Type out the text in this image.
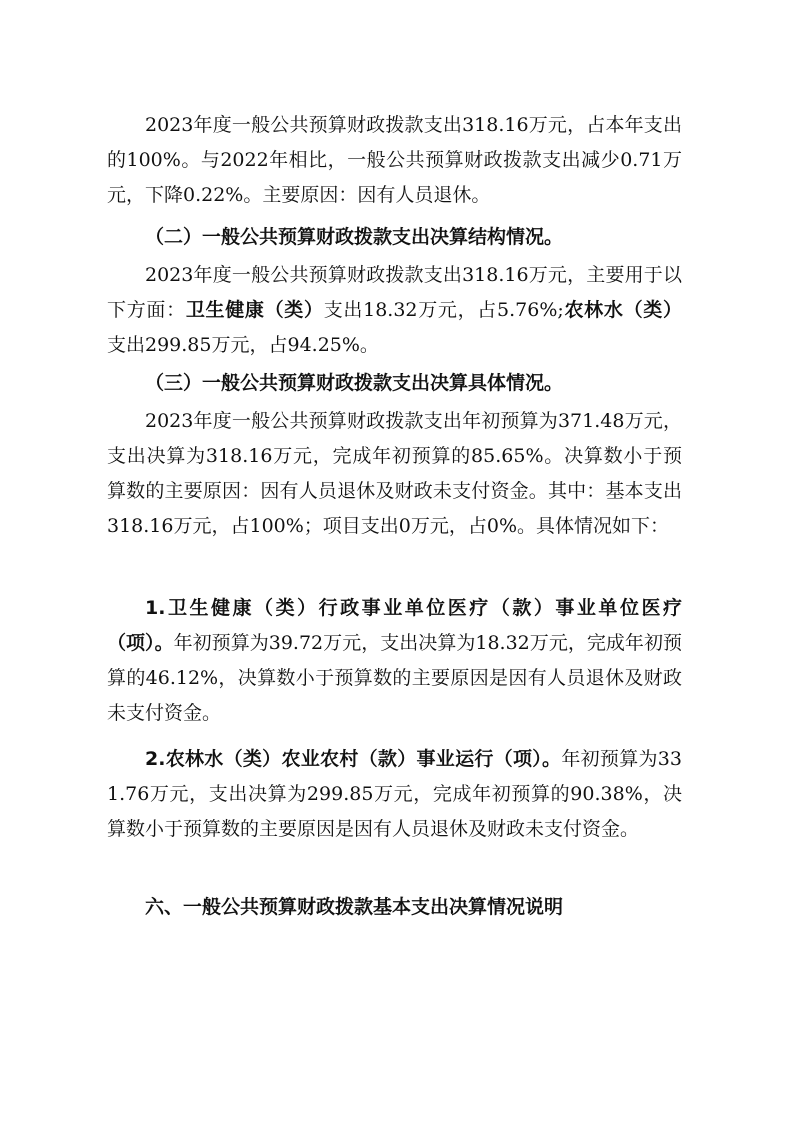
2023年度一般公共预算财政拨款支出318.16万元，占本年支出的100%。与2022年相比，一般公共预算财政拨款支出减少0.71万元，下降0.22%。主要原因：因有人员退休。

（二）一般公共预算财政拨款支出决算结构情况。

2023年度一般公共预算财政拨款支出318.16万元，主要用于以下方面：卫生健康（类）支出18.32万元，占5.76%;农林水（类）支出299.85万元，占94.25%。

（三）一般公共预算财政拨款支出决算具体情况。

2023年度一般公共预算财政拨款支出年初预算为371.48万元，支出决算为318.16万元，完成年初预算的85.65%。决算数小于预算数的主要原因：因有人员退休及财政未支付资金。其中：基本支出318.16万元，占100%；项目支出0万元，占0%。具体情况如下：

1.卫生健康（类）行政事业单位医疗（款）事业单位医疗（项）。年初预算为39.72万元，支出决算为18.32万元，完成年初预算的46.12%，决算数小于预算数的主要原因是因有人员退休及财政未支付资金。

2.农林水（类）农业农村（款）事业运行（项）。年初预算为331.76万元，支出决算为299.85万元，完成年初预算的90.38%，决算数小于预算数的主要原因是因有人员退休及财政未支付资金。

六、一般公共预算财政拨款基本支出决算情况说明
